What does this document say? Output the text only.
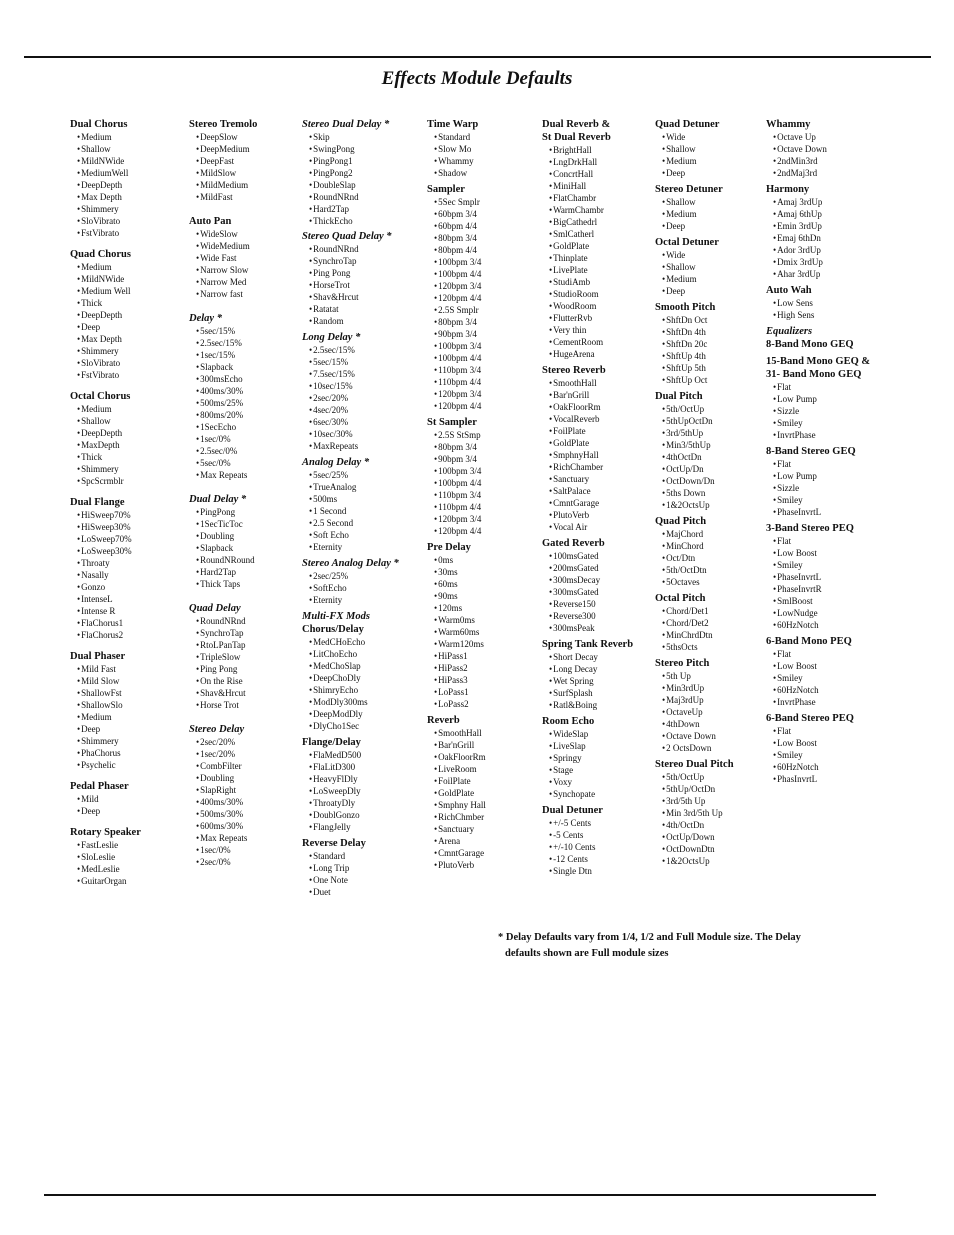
Effects Module Defaults
Dual Chorus
• Medium
• Shallow
• MildNWide
• MediumWell
• DeepDepth
• Max Depth
• Shimmery
• SloVibrato
• FstVibrato
Quad Chorus
• Medium
• MildNWide
• Medium Well
• Thick
• DeepDepth
• Deep
• Max Depth
• Shimmery
• SloVibrato
• FstVibrato
Octal Chorus
• Medium
• Shallow
• DeepDepth
• MaxDepth
• Thick
• Shimmery
• SpcScrmblr
Dual Flange
• HiSweep70%
• HiSweep30%
• LoSweep70%
• LoSweep30%
• Throaty
• Nasally
• Gonzo
• IntenseL
• Intense R
• FlaChorus1
• FlaChorus2
Dual Phaser
• Mild Fast
• Mild Slow
• ShallowFst
• ShallowSlo
• Medium
• Deep
• Shimmery
• PhaChorus
• Psychelic
Pedal Phaser
• Mild
• Deep
Rotary Speaker
• FastLeslie
• SloLeslie
• MedLeslie
• GuitarOrgan
Stereo Tremolo
• DeepSlow
• DeepMedium
• DeepFast
• MildSlow
• MildMedium
• MildFast
Auto Pan
• WideSlow
• WideMedium
• Wide Fast
• Narrow Slow
• Narrow Med
• Narrow fast
Delay *
• 5sec/15%
• 2.5sec/15%
• 1sec/15%
• Slapback
• 300msEcho
• 400ms/30%
• 500ms/25%
• 800ms/20%
• 1SecEcho
• 1sec/0%
• 2.5sec/0%
• 5sec/0%
• Max Repeats
Dual Delay *
• PingPong
• 1SecTicToc
• Doubling
• Slapback
• RoundNRound
• Hard2Tap
• Thick Taps
Quad Delay
• RoundNRnd
• SynchroTap
• RtoLPanTap
• TripleSlow
• Ping Pong
• On the Rise
• Shav&Hrcut
• Horse Trot
Stereo Delay
• 2sec/20%
• 1sec/20%
• CombFilter
• Doubling
• SlapRight
• 400ms/30%
• 500ms/30%
• 600ms/30%
• Max Repeats
• 1sec/0%
• 2sec/0%
Stereo Dual Delay *
• Skip
• SwingPong
• PingPong1
• PingPong2
• DoubleSlap
• RoundNRnd
• Hard2Tap
• ThickEcho
Stereo Quad Delay *
• RoundNRnd
• SynchroTap
• Ping Pong
• HorseTrot
• Shav&Hrcut
• Ratatat
• Random
Long Delay *
• 2.5sec/15%
• 5sec/15%
• 7.5sec/15%
• 10sec/15%
• 2sec/20%
• 4sec/20%
• 6sec/30%
• 10sec/30%
• MaxRepeats
Analog Delay *
• 5sec/25%
• TrueAnalog
• 500ms
• 1 Second
• 2.5 Second
• Soft Echo
• Eternity
Stereo Analog Delay *
• 2sec/25%
• SoftEcho
• Eternity
Multi-FX Mods
Chorus/Delay
• MedCHoEcho
• LitChoEcho
• MedChoSlap
• DeepChoDly
• ShimryEcho
• ModDly300ms
• DeepModDly
• DlyCho1Sec
Flange/Delay
• FlaMedD500
• FlaLitD300
• HeavyFlDly
• LoSweepDly
• ThroatyDly
• DoublGonzo
• FlangJelly
Reverse Delay
• Standard
• Long Trip
• One Note
• Duet
Time Warp
• Standard
• Slow Mo
• Whammy
• Shadow
Sampler
• 5Sec Smplr
• 60bpm 3/4
• 60bpm 4/4
• 80bpm 3/4
• 80bpm 4/4
• 100bpm 3/4
• 100bpm 4/4
• 120bpm 3/4
• 120bpm 4/4
• 2.5S Smplr
• 80bpm 3/4
• 90bpm 3/4
• 100bpm 3/4
• 100bpm 4/4
• 110bpm 3/4
• 110bpm 4/4
• 120bpm 3/4
• 120bpm 4/4
St Sampler
• 2.5S StSmp
• 80bpm 3/4
• 90bpm 3/4
• 100bpm 3/4
• 100bpm 4/4
• 110bpm 3/4
• 110bpm 4/4
• 120bpm 3/4
• 120bpm 4/4
Pre Delay
• 0ms
• 30ms
• 60ms
• 90ms
• 120ms
• Warm0ms
• Warm60ms
• Warm120ms
• HiPass1
• HiPass2
• HiPass3
• LoPass1
• LoPass2
Reverb
• SmoothHall
• Bar'nGrill
• OakFloorRm
• LiveRoom
• FoilPlate
• GoldPlate
• Smphny Hall
• RichChmber
• Sanctuary
• Arena
• CmntGarage
• PlutoVerb
Dual Reverb &
St Dual Reverb
• BrightHall
• LngDrkHall
• ConcrtHall
• MiniHall
• FlatChambr
• WarmChambr
• BigCathedrl
• SmlCatherl
• GoldPlate
• Thinplate
• LivePlate
• StudiAmb
• StudioRoom
• WoodRoom
• FlutterRvb
• Very thin
• CementRoom
• HugeArena
Stereo Reverb
• SmoothHall
• Bar'nGrill
• OakFloorRm
• VocalReverb
• FoilPlate
• GoldPlate
• SmphnyHall
• RichChamber
• Sanctuary
• SaltPalace
• CmntGarage
• PlutoVerb
• Vocal Air
Gated Reverb
• 100msGated
• 200msGated
• 300msDecay
• 300msGated
• Reverse150
• Reverse300
• 300msPeak
Spring Tank Reverb
• Short Decay
• Long Decay
• Wet Spring
• SurfSplash
• Ratl&Boing
Room Echo
• WideSlap
• LiveSlap
• Springy
• Stage
• Voxy
• Synchopate
Dual Detuner
• +/-5 Cents
• -5 Cents
• +/-10 Cents
• -12 Cents
• Single Dtn
Quad Detuner
• Wide
• Shallow
• Medium
• Deep
Stereo Detuner
• Shallow
• Medium
• Deep
Octal Detuner
• Wide
• Shallow
• Medium
• Deep
Smooth Pitch
• ShftDn Oct
• ShftDn 4th
• ShftDn 20c
• ShftUp 4th
• ShftUp 5th
• ShftUp Oct
Dual Pitch
• 5th/OctUp
• 5thUpOctDn
• 3rd/5thUp
• Min3/5thUp
• 4thOctDn
• OctUp/Dn
• OctDown/Dn
• 5ths Down
• 1&2OctsUp
Quad Pitch
• MajChord
• MinChord
• Oct/Dtn
• 5th/OctDtn
• 5Octaves
Octal Pitch
• Chord/Det1
• Chord/Det2
• MinChrdDtn
• 5thsOcts
Stereo Pitch
• 5th Up
• Min3rdUp
• Maj3rdUp
• OctaveUp
• 4thDown
• Octave Down
• 2 OctsDown
Stereo Dual Pitch
• 5th/OctUp
• 5thUp/OctDn
• 3rd/5th Up
• Min 3rd/5th Up
• 4th/OctDn
• OctUp/Down
• OctDownDtn
• 1&2OctsUp
Whammy
• Octave Up
• Octave Down
• 2ndMin3rd
• 2ndMaj3rd
Harmony
• Amaj 3rdUp
• Amaj 6thUp
• Emin 3rdUp
• Emaj 6thDn
• Ador 3rdUp
• Dmix 3rdUp
• Ahar 3rdUp
Auto Wah
• Low Sens
• High Sens
Equalizers
8-Band Mono GEQ
15-Band Mono GEQ &
31- Band Mono GEQ
• Flat
• Low Pump
• Sizzle
• Smiley
• InvrtPhase
8-Band Stereo GEQ
• Flat
• Low Pump
• Sizzle
• Smiley
• PhaseInvrtL
3-Band Stereo PEQ
• Flat
• Low Boost
• Smiley
• PhaseInvrtL
• PhaseInvrtR
• SmlBoost
• LowNudge
• 60HzNotch
6-Band Mono PEQ
• Flat
• Low Boost
• Smiley
• 60HzNotch
• InvrtPhase
6-Band Stereo PEQ
• Flat
• Low Boost
• Smiley
• 60HzNotch
• PhasInvrtL
* Delay Defaults vary from 1/4, 1/2 and Full Module size. The Delay
defaults shown are Full module sizes
